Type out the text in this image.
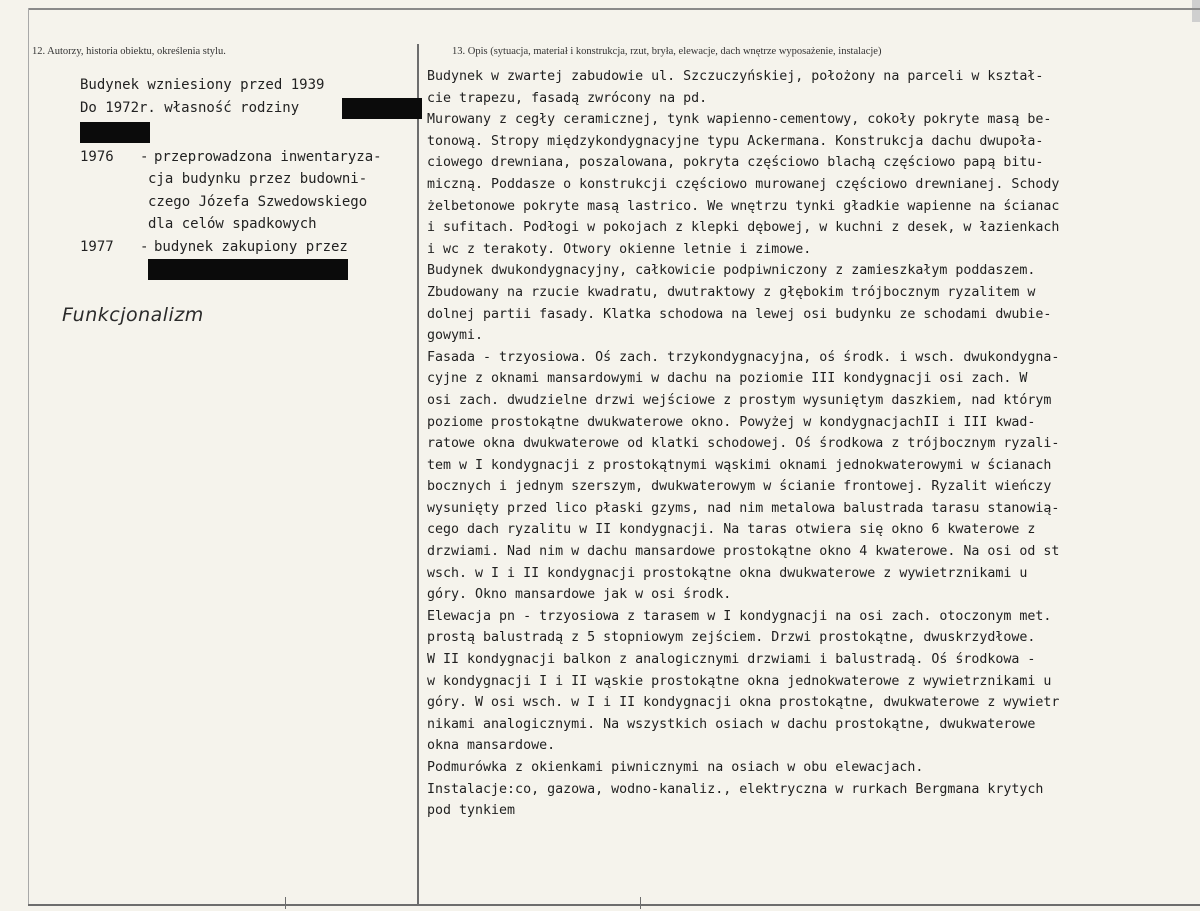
12. Autorzy, historia obiektu, określenia stylu.	13. Opis (sytuacja, materiał i konstrukcja, rzut, bryła, elewacje, dach wnętrze wyposażenie, instalacje)
Budynek wzniesiony przed 1939
Do 1972r. własność rodziny
1976 - przeprowadzona inwentaryza-
cja budynku przez budowni-
czego Józefa Szwedowskiego
dla celów spadkowych
1977 - budynek zakupiony przez
Funkcjonalizm
Budynek w zwartej zabudowie ul. Szczuczyńskiej, położony na parceli w kształ-
cie trapezu, fasadą zwrócony na pd.
Murowany z cegły ceramicznej, tynk wapienno-cementowy, cokoły pokryte masą be-
tonową. Stropy międzykondygnacyjne typu Ackermana. Konstrukcja dachu dwupoła-
ciowego drewniana, poszalowana, pokryta częściowo blachą częściowo papą bitu-
miczną. Poddasze o konstrukcji częściowo murowanej częściowo drewnianej. Schody
żelbetonowe pokryte masą lastrico. We wnętrzu tynki gładkie wapienne na ścianac
i sufitach. Podłogi w pokojach z klepki dębowej, w kuchni z desek, w łazienkach
i wc z terakoty. Otwory okienne letnie i zimowe.
Budynek dwukondygnacyjny, całkowicie podpiwniczony z zamieszkałym poddaszem.
Zbudowany na rzucie kwadratu, dwutraktowy z głębokim trójbocznym ryzalitem w
dolnej partii fasady. Klatka schodowa na lewej osi budynku ze schodami dwubie-
gowymi.
Fasada - trzyosiowa. Oś zach. trzykondygnacyjna, oś środk. i wsch. dwukondygna-
cyjne z oknami mansardowymi w dachu na poziomie III kondygnacji osi zach. W
osi zach. dwudzielne drzwi wejściowe z prostym wysuniętym daszkiem, nad którym
poziome prostokątne dwukwaterowe okno. Powyżej w kondygnacjachII i III kwad-
ratowe okna dwukwaterowe od klatki schodowej. Oś środkowa z trójbocznym ryzali-
tem w I kondygnacji z prostokątnymi wąskimi oknami jednokwaterowymi w ścianach
bocznych i jednym szerszym, dwukwaterowym w ścianie frontowej. Ryzalit wieńczy
wysunięty przed lico płaski gzyms, nad nim metalowa balustrada tarasu stanowią-
cego dach ryzalitu w II kondygnacji. Na taras otwiera się okno 6 kwaterowe z
drzwiami. Nad nim w dachu mansardowe prostokątne okno 4 kwaterowe. Na osi od st
wsch. w I i II kondygnacji prostokątne okna dwukwaterowe z wywietrznikami u
góry. Okno mansardowe jak w osi środk.
Elewacja pn - trzyosiowa z tarasem w I kondygnacji na osi zach. otoczonym met.
prostą balustradą z 5 stopniowym zejściem. Drzwi prostokątne, dwuskrzydłowe.
W II kondygnacji balkon z analogicznymi drzwiami i balustradą. Oś środkowa -
w kondygnacji I i II wąskie prostokątne okna jednokwaterowe z wywietrznikami u
góry. W osi wsch. w I i II kondygnacji okna prostokątne, dwukwaterowe z wywietr
nikami analogicznymi. Na wszystkich osiach w dachu prostokątne, dwukwaterowe
okna mansardowe.
Podmurówka z okienkami piwnicznymi na osiach w obu elewacjach.
Instalacje:co, gazowa, wodno-kanaliz., elektryczna w rurkach Bergmana krytych
pod tynkiem
